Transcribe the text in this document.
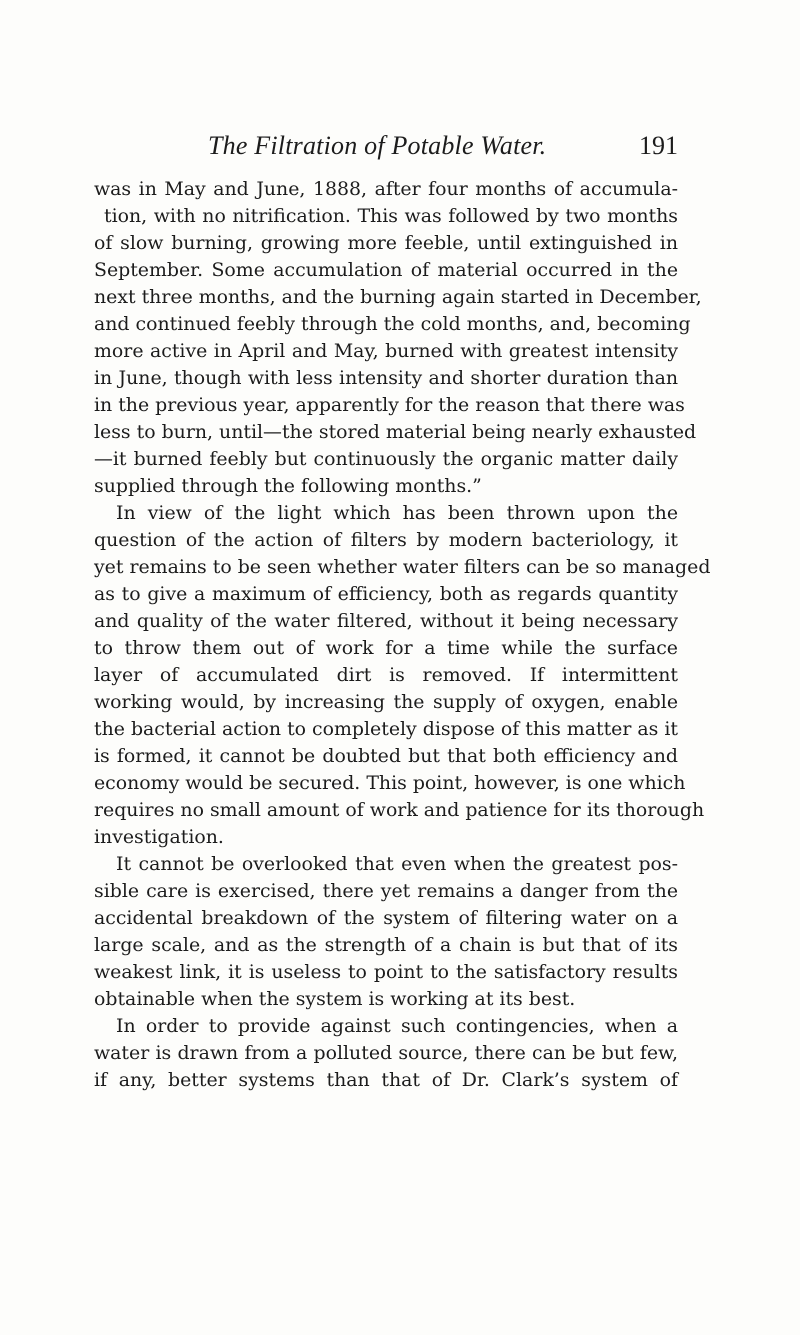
The Filtration of Potable Water.	191
was in May and June, 1888, after four months of accumula-
tion, with no nitrification. This was followed by two months
of slow burning, growing more feeble, until extinguished in
September. Some accumulation of material occurred in the
next three months, and the burning again started in December,
and continued feebly through the cold months, and, becoming
more active in April and May, burned with greatest intensity
in June, though with less intensity and shorter duration than
in the previous year, apparently for the reason that there was
less to burn, until—the stored material being nearly exhausted
—it burned feebly but continuously the organic matter daily
supplied through the following months.”
In view of the light which has been thrown upon the
question of the action of filters by modern bacteriology, it
yet remains to be seen whether water filters can be so managed
as to give a maximum of efficiency, both as regards quantity
and quality of the water filtered, without it being necessary
to throw them out of work for a time while the surface
layer of accumulated dirt is removed. If intermittent
working would, by increasing the supply of oxygen, enable
the bacterial action to completely dispose of this matter as it
is formed, it cannot be doubted but that both efficiency and
economy would be secured. This point, however, is one which
requires no small amount of work and patience for its thorough
investigation.
It cannot be overlooked that even when the greatest pos-
sible care is exercised, there yet remains a danger from the
accidental breakdown of the system of filtering water on a
large scale, and as the strength of a chain is but that of its
weakest link, it is useless to point to the satisfactory results
obtainable when the system is working at its best.
In order to provide against such contingencies, when a
water is drawn from a polluted source, there can be but few,
if any, better systems than that of Dr. Clark’s system of
